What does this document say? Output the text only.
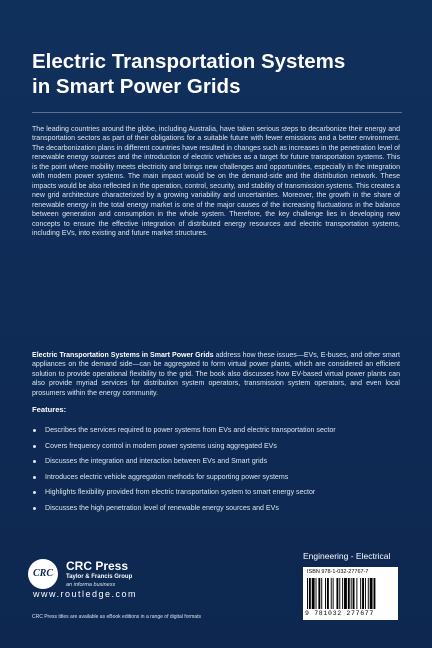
Electric Transportation Systems
in Smart Power Grids

The leading countries around the globe, including Australia, have taken serious steps to decarbonize their energy and transportation sectors as part of their obligations for a suitable future with fewer emissions and a better environment. The decarbonization plans in different countries have resulted in changes such as increases in the penetration level of renewable energy sources and the introduction of electric vehicles as a target for future transportation systems. This is the point where mobility meets electricity and brings new challenges and opportunities, especially in the integration with modern power systems. The main impact would be on the demand-side and the distribution network. These impacts would be also reflected in the operation, control, security, and stability of transmission systems. This creates a new grid architecture characterized by a growing variability and uncertainties. Moreover, the growth in the share of renewable energy in the total energy market is one of the major causes of the increasing fluctuations in the balance between generation and consumption in the whole system. Therefore, the key challenge lies in developing new concepts to ensure the effective integration of distributed energy resources and electric transportation systems, including EVs, into existing and future market structures.

Electric Transportation Systems in Smart Power Grids address how these issues—EVs, E-buses, and other smart appliances on the demand side—can be aggregated to form virtual power plants, which are considered an efficient solution to provide operational flexibility to the grid. The book also discusses how EV-based virtual power plants can also provide myriad services for distribution system operators, transmission system operators, and even local prosumers within the energy community.

Features:

Describes the services required to power systems from EVs and electric transportation sector
Covers frequency control in modern power systems using aggregated EVs
Discusses the integration and interaction between EVs and Smart grids
Introduces electric vehicle aggregation methods for supporting power systems
Highlights flexibility provided from electric transportation system to smart energy sector
Discusses the high penetration level of renewable energy sources and EVs
CRC
CRC Press
Taylor & Francis Group
an informa business
www.routledge.com
CRC Press titles are available as eBook editions in a range of digital formats
Engineering - Electrical
ISBN 978-1-032-27767-7
9 781032 277677
